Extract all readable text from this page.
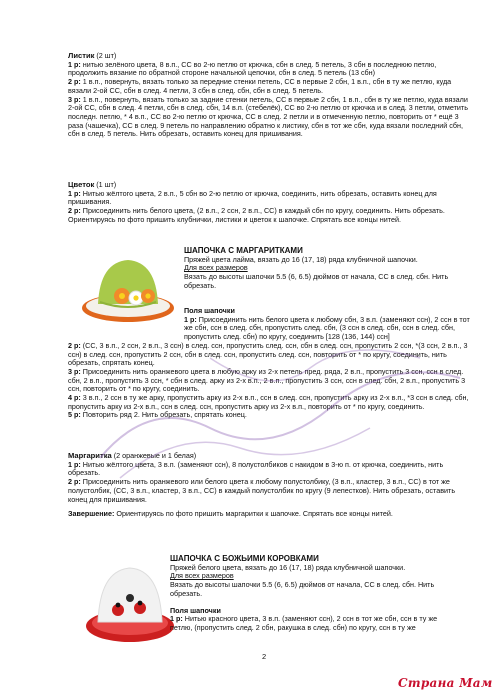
Листик (2 шт)

1 р: нитью зелёного цвета, 8 в.п., СС во 2-ю петлю от крючка, сбн в след. 5 петель, 3 сбн в последнюю петлю, продолжить вязание по обратной стороне начальной цепочки, сбн в след. 5 петель (13 сбн)

2 р: 1 в.п., повернуть, вязать только за передние стенки петель, СС в первые 2 сбн, 1 в.п., сбн в ту же петлю, куда вязали 2-ой СС, сбн в след. 4 петли, 3 сбн в след. сбн, сбн в след. 5 петель.

3 р: 1 в.п., повернуть, вязать только за задние стенки петель, СС в первые 2 сбн, 1 в.п., сбн в ту же петлю, куда вязали 2-ой СС, сбн в след. 4 петли, сбн в след. сбн, 14 в.п. (стебелёк), СС во 2-ю петлю от крючка и в след. 3 петли, отметить последн. петлю, * 4 в.п., СС во 2-ю петлю от крючка, СС в след. 2 петли и в отмеченную петлю, повторить от * ещё 3 раза (чашечка), СС в след. 9 петель по направлению обратно к листику, сбн в тот же сбн, куда вязали последний сбн, сбн в след. 5 петель. Нить обрезать, оставить конец для пришивания.

Цветок (1 шт)

1 р: Нитью жёлтого цвета, 2 в.п., 5 сбн во 2-ю петлю от крючка, соединить, нить обрезать, оставить конец для пришивания.

2 р: Присоединить нить белого цвета, (2 в.п., 2 ссн, 2 в.п., СС) в каждый сбн по кругу, соединить. Нить обрезать.

Ориентируясь по фото пришить клубнички, листики и цветок к шапочке. Спрятать все концы нитей.

ШАПОЧКА С МАРГАРИТКАМИ

Пряжей цвета лайма, вязать до 16 (17, 18) ряда клубничной шапочки.

Для всех размеров

Вязать до высоты шапочки 5.5 (6, 6.5) дюймов от начала, СС в след. сбн. Нить обрезать.

Поля шапочки

1 р: Присоединить нить белого цвета к любому сбн, 3 в.п. (заменяют ссн), 2 ссн в тот же сбн, ссн в след. сбн, пропустить след. сбн, (3 ссн в след. сбн, ссн в след. сбн, пропустить след. сбн) по кругу, соединить [128 (136, 144) ссн]

2 р: (СС, 3 в.п., 2 ссн, 2 в.п., 3 ссн) в след. ссн, пропустить след. ссн, сбн в след. ссн, пропустить 2 ссн, *(3 ссн, 2 в.п., 3 ссн) в след. ссн, пропустить 2 ссн, сбн в след. ссн, пропустить след. ссн, повторить от * по кругу, соединить, нить обрезать, спрятать конец.

3 р: Присоединить нить оранжевого цвета в любую арку из 2-х петель пред. ряда, 2 в.п., пропустить 3 ссн, ссн в след. сбн, 2 в.п., пропустить 3 ссн, * сбн в след. арку из 2-х в.п., 2 в.п., пропустить 3 ссн, ссн в след. сбн, 2 в.п., пропустить 3 ссн, повторить от * по кругу, соединить.

4 р: 3 в.п., 2 ссн в ту же арку, пропустить арку из 2-х в.п., ссн в след. ссн, пропустить арку из 2-х в.п., *3 ссн в след. сбн, пропустить арку из 2-х в.п., ссн в след. ссн, пропустить арку из 2-х в.п., повторить от * по кругу, соединить.

5 р: Повторить ряд 2. Нить обрезать, спрятать конец.

Маргаритка (2 оранжевые и 1 белая)

1 р: Нитью жёлтого цвета, 3 в.п. (заменяют ссн), 8 полустолбиков с накидом в 3-ю п. от крючка, соединить, нить обрезать.

2 р: Присоединить нить оранжевого или белого цвета к любому полустолбику, (3 в.п., кластер, 3 в.п., СС) в тот же полустолбик, (СС, 3 в.п., кластер, 3 в.п., СС) в каждый полустолбик по кругу (9 лепестков). Нить обрезать, оставить конец для пришивания.

Завершение: Ориентируясь по фото пришить маргаритки к шапочке. Спрятать все концы нитей.

ШАПОЧКА С БОЖЬИМИ КОРОВКАМИ

Пряжей белого цвета, вязать до 16 (17, 18) ряда клубничной шапочки.

Для всех размеров

Вязать до высоты шапочки 5.5 (6, 6.5) дюймов от начала, СС в след. сбн. Нить обрезать.

Поля шапочки

1 р: Нитью красного цвета, 3 в.п. (заменяют ссн), 2 ссн в тот же сбн, ссн в ту же петлю, (пропустить след. 2 сбн, ракушка в след. сбн) по кругу, ссн в ту же

2
Страна Мам
